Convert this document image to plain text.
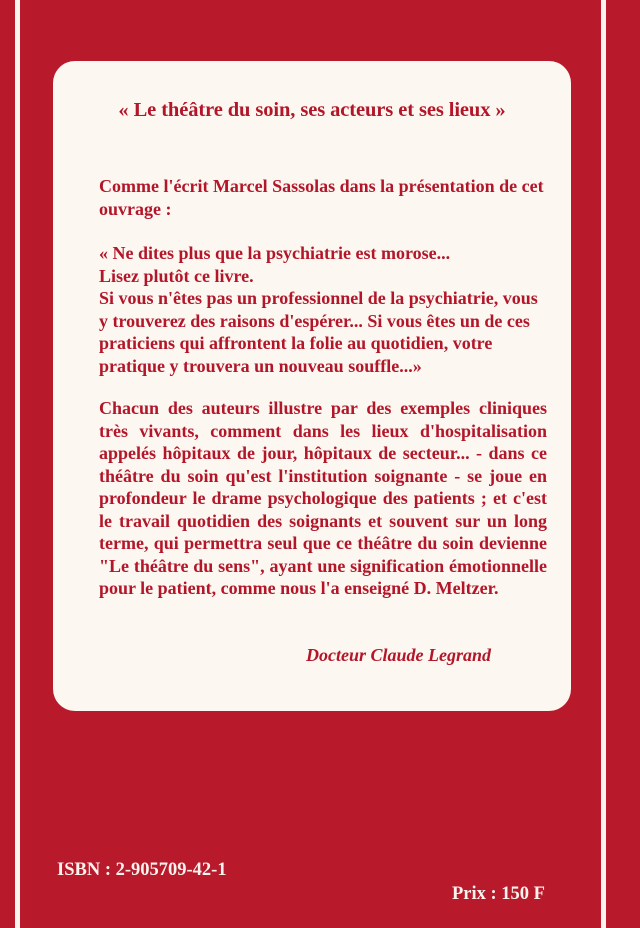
« Le théâtre du soin, ses acteurs et ses lieux »

Comme l'écrit Marcel Sassolas dans la présentation de cet ouvrage :

« Ne dites plus que la psychiatrie est morose...

Lisez plutôt ce livre.

Si vous n'êtes pas un professionnel de la psychiatrie, vous y trouverez des raisons d'espérer... Si vous êtes un de ces praticiens qui affrontent la folie au quotidien, votre pratique y trouvera un nouveau souffle...»

Chacun des auteurs illustre par des exemples cliniques très vivants, comment dans les lieux d'hospitalisation appelés hôpitaux de jour, hôpitaux de secteur... - dans ce théâtre du soin qu'est l'institution soignante - se joue en profondeur le drame psychologique des patients ; et c'est le travail quotidien des soignants et souvent sur un long terme, qui permettra seul que ce théâtre du soin devienne "Le théâtre du sens", ayant une signification émotionnelle pour le patient, comme nous l'a enseigné D. Meltzer.

Docteur Claude Legrand
ISBN : 2-905709-42-1
Prix : 150 F
